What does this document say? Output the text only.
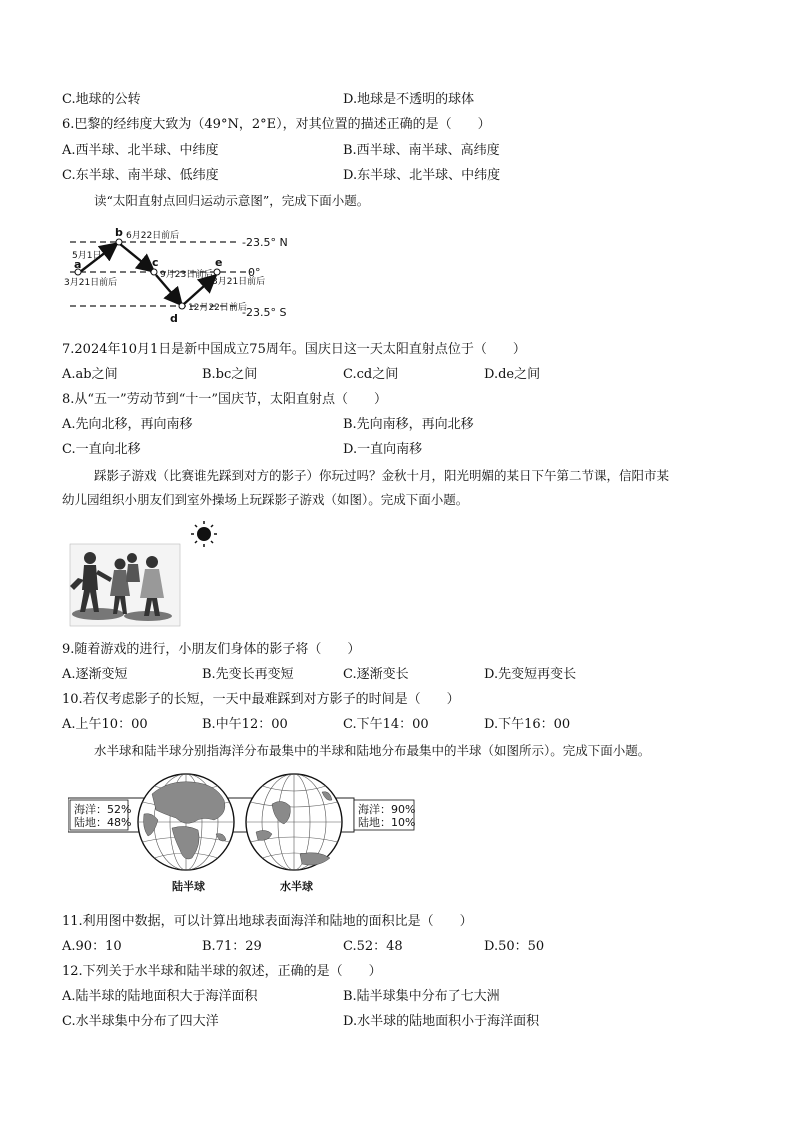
C.地球的公转	D.地球是不透明的球体
6.巴黎的经纬度大致为（49°N，2°E），对其位置的描述正确的是（　　）
A.西半球、北半球、中纬度	B.西半球、南半球、高纬度
C.东半球、南半球、低纬度	D.东半球、北半球、中纬度
读“太阳直射点回归运动示意图”，完成下面小题。
a
b
c
d
e
5月1日
3月21日前后
6月22日前后
9月23日前后
12月22日前后
3月21日前后
-23.5° N
0°
-23.5° S
7.2024年10月1日是新中国成立75周年。国庆日这一天太阳直射点位于（　　）
A.ab之间	B.bc之间	C.cd之间	D.de之间
8.从“五一”劳动节到“十一”国庆节，太阳直射点（　　）
A.先向北移，再向南移	B.先向南移，再向北移
C.一直向北移	D.一直向南移
踩影子游戏（比赛谁先踩到对方的影子）你玩过吗？金秋十月，阳光明媚的某日下午第二节课，信阳市某
幼儿园组织小朋友们到室外操场上玩踩影子游戏（如图）。完成下面小题。
9.随着游戏的进行，小朋友们身体的影子将（　　）
A.逐渐变短	B.先变长再变短	C.逐渐变长	D.先变短再变长
10.若仅考虑影子的长短，一天中最难踩到对方影子的时间是（　　）
A.上午10：00	B.中午12：00	C.下午14：00	D.下午16：00
水半球和陆半球分别指海洋分布最集中的半球和陆地分布最集中的半球（如图所示）。完成下面小题。
海洋：52%
陆地：48%
海洋：90%
陆地：10%
陆半球	水半球
11.利用图中数据，可以计算出地球表面海洋和陆地的面积比是（　　）
A.90：10	B.71：29	C.52：48	D.50：50
12.下列关于水半球和陆半球的叙述，正确的是（　　）
A.陆半球的陆地面积大于海洋面积	B.陆半球集中分布了七大洲
C.水半球集中分布了四大洋	D.水半球的陆地面积小于海洋面积
